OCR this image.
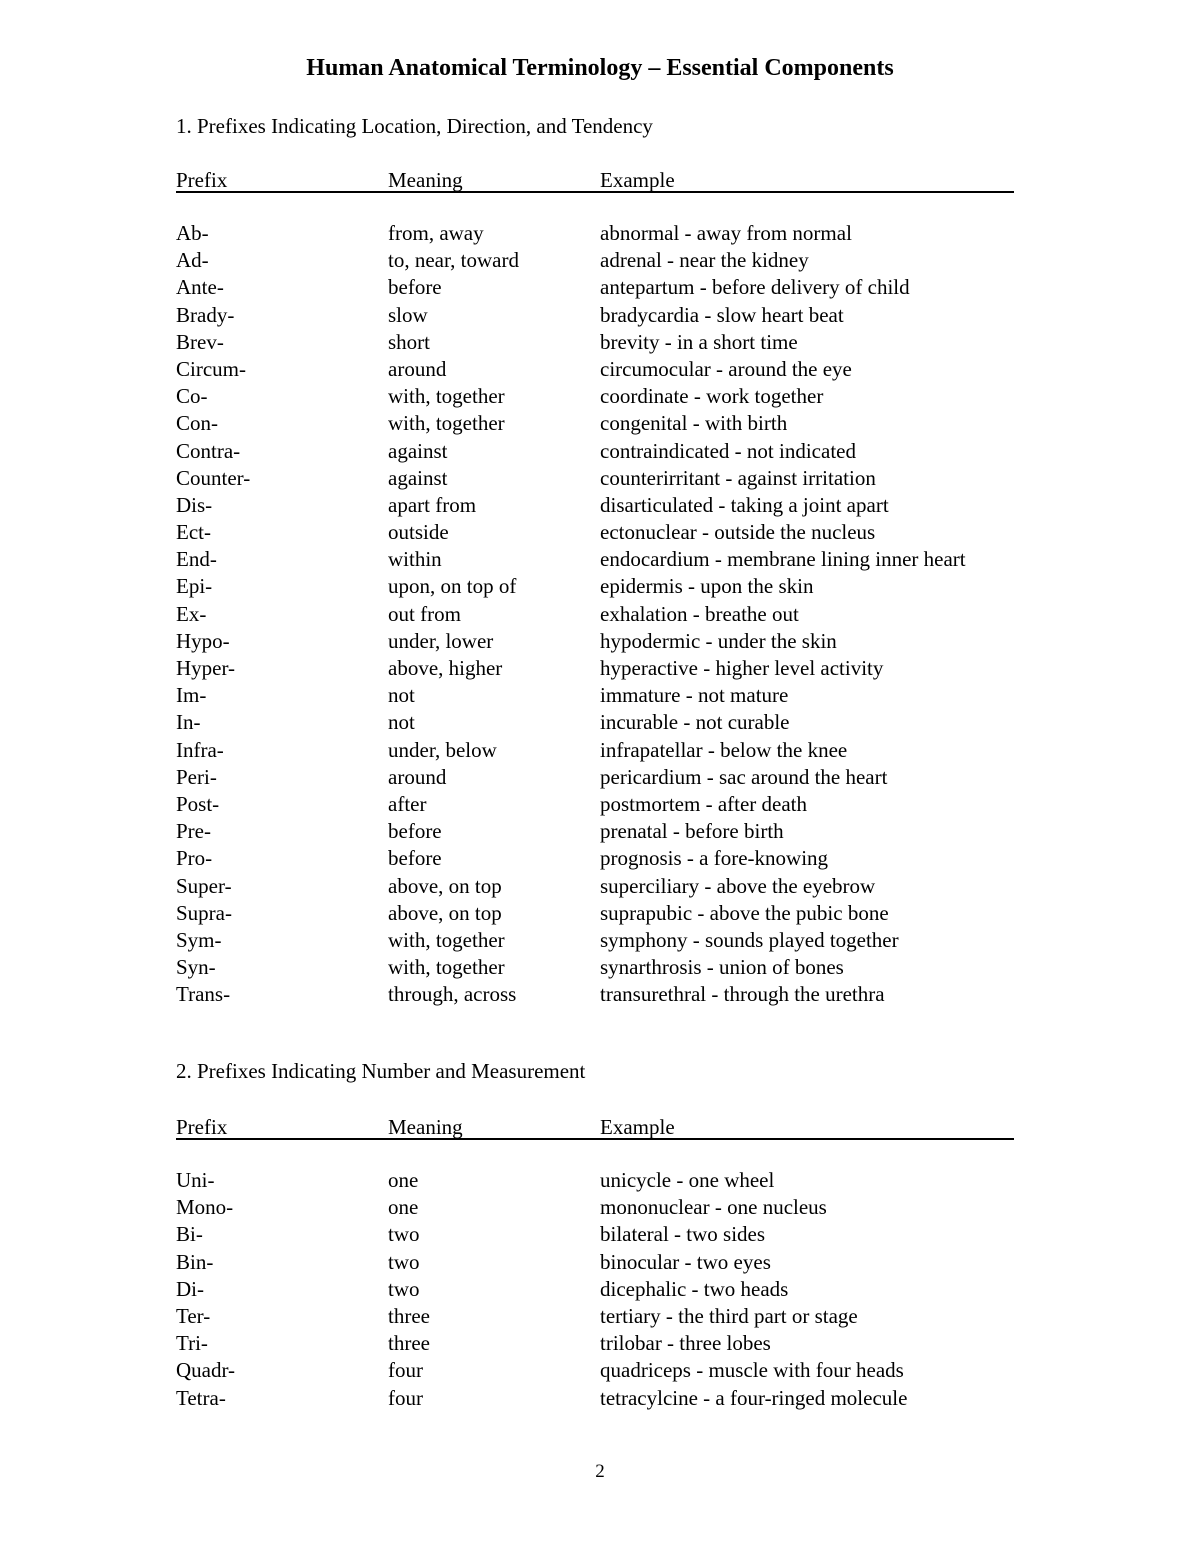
Human Anatomical Terminology – Essential Components

1. Prefixes Indicating Location, Direction, and Tendency

Prefix	Meaning	Example
Ab-	from, away	abnormal - away from normal
Ad-	to, near, toward	adrenal - near the kidney
Ante-	before	antepartum - before delivery of child
Brady-	slow	bradycardia - slow heart beat
Brev-	short	brevity - in a short time
Circum-	around	circumocular - around the eye
Co-	with, together	coordinate - work together
Con-	with, together	congenital - with birth
Contra-	against	contraindicated - not indicated
Counter-	against	counterirritant - against irritation
Dis-	apart from	disarticulated - taking a joint apart
Ect-	outside	ectonuclear - outside the nucleus
End-	within	endocardium - membrane lining inner heart
Epi-	upon, on top of	epidermis - upon the skin
Ex-	out from	exhalation - breathe out
Hypo-	under, lower	hypodermic - under the skin
Hyper-	above, higher	hyperactive - higher level activity
Im-	not	immature - not mature
In-	not	incurable - not curable
Infra-	under, below	infrapatellar - below the knee
Peri-	around	pericardium - sac around the heart
Post-	after	postmortem - after death
Pre-	before	prenatal - before birth
Pro-	before	prognosis - a fore-knowing
Super-	above, on top	superciliary - above the eyebrow
Supra-	above, on top	suprapubic - above the pubic bone
Sym-	with, together	symphony - sounds played together
Syn-	with, together	synarthrosis - union of bones
Trans-	through, across	transurethral - through the urethra

2. Prefixes Indicating Number and Measurement

Prefix	Meaning	Example
Uni-	one	unicycle - one wheel
Mono-	one	mononuclear - one nucleus
Bi-	two	bilateral - two sides
Bin-	two	binocular - two eyes
Di-	two	dicephalic - two heads
Ter-	three	tertiary - the third part or stage
Tri-	three	trilobar - three lobes
Quadr-	four	quadriceps - muscle with four heads
Tetra-	four	tetracylcine - a four-ringed molecule

2
